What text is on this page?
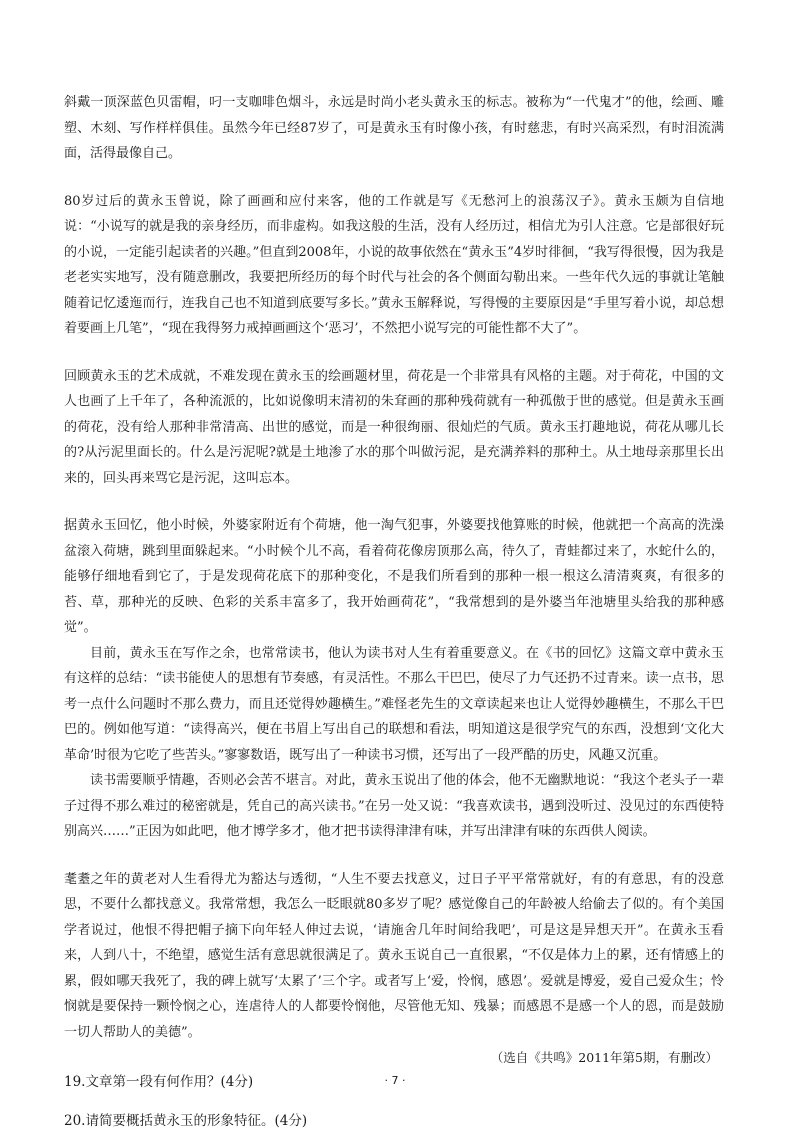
斜戴一顶深蓝色贝雷帽，叼一支咖啡色烟斗，永远是时尚小老头黄永玉的标志。被称为“一代鬼才”的他，绘画、雕塑、木刻、写作样样俱佳。虽然今年已经87岁了，可是黄永玉有时像小孩，有时慈悲，有时兴高采烈，有时泪流满面，活得最像自己。

80岁过后的黄永玉曾说，除了画画和应付来客，他的工作就是写《无愁河上的浪荡汉子》。黄永玉颇为自信地说：“小说写的就是我的亲身经历，而非虚构。如我这般的生活，没有人经历过，相信尤为引人注意。它是部很好玩的小说，一定能引起读者的兴趣。”但直到2008年，小说的故事依然在“黄永玉”4岁时徘徊，“我写得很慢，因为我是老老实实地写，没有随意删改，我要把所经历的每个时代与社会的各个侧面勾勒出来。一些年代久远的事就让笔触随着记忆逶迤而行，连我自己也不知道到底要写多长。”黄永玉解释说，写得慢的主要原因是“手里写着小说，却总想着要画上几笔”，“现在我得努力戒掉画画这个‘恶习’，不然把小说写完的可能性都不大了”。

回顾黄永玉的艺术成就，不难发现在黄永玉的绘画题材里，荷花是一个非常具有风格的主题。对于荷花，中国的文人也画了上千年了，各种流派的，比如说像明末清初的朱耷画的那种残荷就有一种孤傲于世的感觉。但是黄永玉画的荷花，没有给人那种非常清高、出世的感觉，而是一种很绚丽、很灿烂的气质。黄永玉打趣地说，荷花从哪儿长的?从污泥里面长的。什么是污泥呢?就是土地渗了水的那个叫做污泥，是充满养料的那种土。从土地母亲那里长出来的，回头再来骂它是污泥，这叫忘本。

据黄永玉回忆，他小时候，外婆家附近有个荷塘，他一淘气犯事，外婆要找他算账的时候，他就把一个高高的洗澡盆滚入荷塘，跳到里面躲起来。“小时候个儿不高，看着荷花像房顶那么高，待久了，青蛙都过来了，水蛇什么的，能够仔细地看到它了，于是发现荷花底下的那种变化，不是我们所看到的那种一根一根这么清清爽爽，有很多的苔、草，那种光的反映、色彩的关系丰富多了，我开始画荷花”，“我常想到的是外婆当年池塘里头给我的那种感觉”。

目前，黄永玉在写作之余，也常常读书，他认为读书对人生有着重要意义。在《书的回忆》这篇文章中黄永玉有这样的总结：“读书能使人的思想有节奏感，有灵活性。不那么干巴巴，使尽了力气还扔不过青来。读一点书，思考一点什么问题时不那么费力，而且还觉得妙趣横生。”难怪老先生的文章读起来也让人觉得妙趣横生，不那么干巴巴的。例如他写道：“读得高兴，便在书眉上写出自己的联想和看法，明知道这是很学究气的东西，没想到‘文化大革命’时很为它吃了些苦头。”寥寥数语，既写出了一种读书习惯，还写出了一段严酷的历史，风趣又沉重。

读书需要顺乎情趣，否则必会苦不堪言。对此，黄永玉说出了他的体会，他不无幽默地说：“我这个老头子一辈子过得不那么难过的秘密就是，凭自己的高兴读书。”在另一处又说：“我喜欢读书，遇到没听过、没见过的东西使特别高兴……”正因为如此吧，他才博学多才，他才把书读得津津有味，并写出津津有味的东西供人阅读。

耄耋之年的黄老对人生看得尤为豁达与透彻，“人生不要去找意义，过日子平平常常就好，有的有意思，有的没意思，不要什么都找意义。我常常想，我怎么一眨眼就80多岁了呢？感觉像自己的年龄被人给偷去了似的。有个美国学者说过，他恨不得把帽子摘下向年轻人伸过去说，‘请施舍几年时间给我吧’，可是这是异想天开”。在黄永玉看来，人到八十，不绝望，感觉生活有意思就很满足了。黄永玉说自己一直很累，“不仅是体力上的累，还有情感上的累，假如哪天我死了，我的碑上就写‘太累了’三个字。或者写上‘爱，怜悯，感恩’。爱就是博爱，爱自己爱众生；怜悯就是要保持一颗怜悯之心，连虐待人的人都要怜悯他，尽管他无知、残暴；而感恩不是感一个人的恩，而是鼓励一切人帮助人的美德”。

（选自《共鸣》2011年第5期，有删改）

19.文章第一段有何作用？(4分)

20.请简要概括黄永玉的形象特征。(4分)

· 7 ·
